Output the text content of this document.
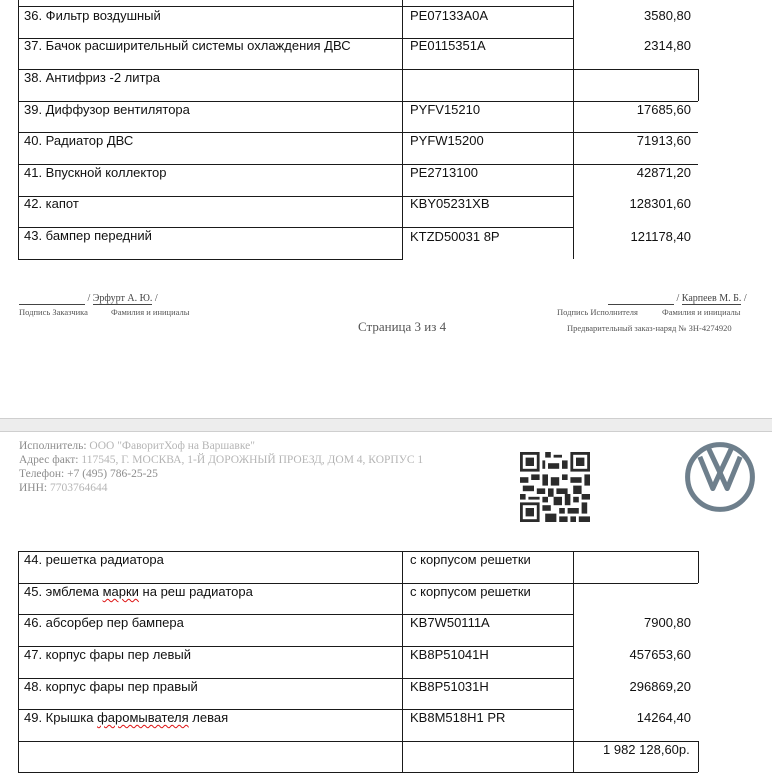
36. Фильтр воздушный	PE07133A0A	3580,80
37. Бачок расширительный системы охлаждения ДВС	PE0115351A	2314,80
38. Антифриз -2 литра
39. Диффузор вентилятора	PYFV15210	17685,60
40. Радиатор ДВС	PYFW15200	71913,60
41. Впускной коллектор	PE2713100	42871,20
42. капот	KBY05231XB	128301,60
43. бампер передний	KTZD50031 8P	121178,40
/ Эрфурт А. Ю. /
Подпись Заказчика	Фамилия и инициалы
/ Карпеев М. Б. /
Подпись Исполнителя	Фамилия и инициалы
Страница 3 из 4	Предварительный заказ-наряд № ЗН-4274920
Исполнитель: ООО "ФаворитХоф на Варшавке"
Адрес факт: 117545, Г. МОСКВА, 1-Й ДОРОЖНЫЙ ПРОЕЗД, ДОМ 4, КОРПУС 1
Телефон: +7 (495) 786-25-25
ИНН: 7703764644
44. решетка радиатора	с корпусом решетки
45. эмблема марки на реш радиатора	с корпусом решетки
46. абсорбер пер бампера	KB7W50111A	7900,80
47. корпус фары пер левый	KB8P51041H	457653,60
48. корпус фары пер правый	KB8P51031H	296869,20
49. Крышка фаромывателя левая	KB8M518H1 PR	14264,40
1 982 128,60р.
